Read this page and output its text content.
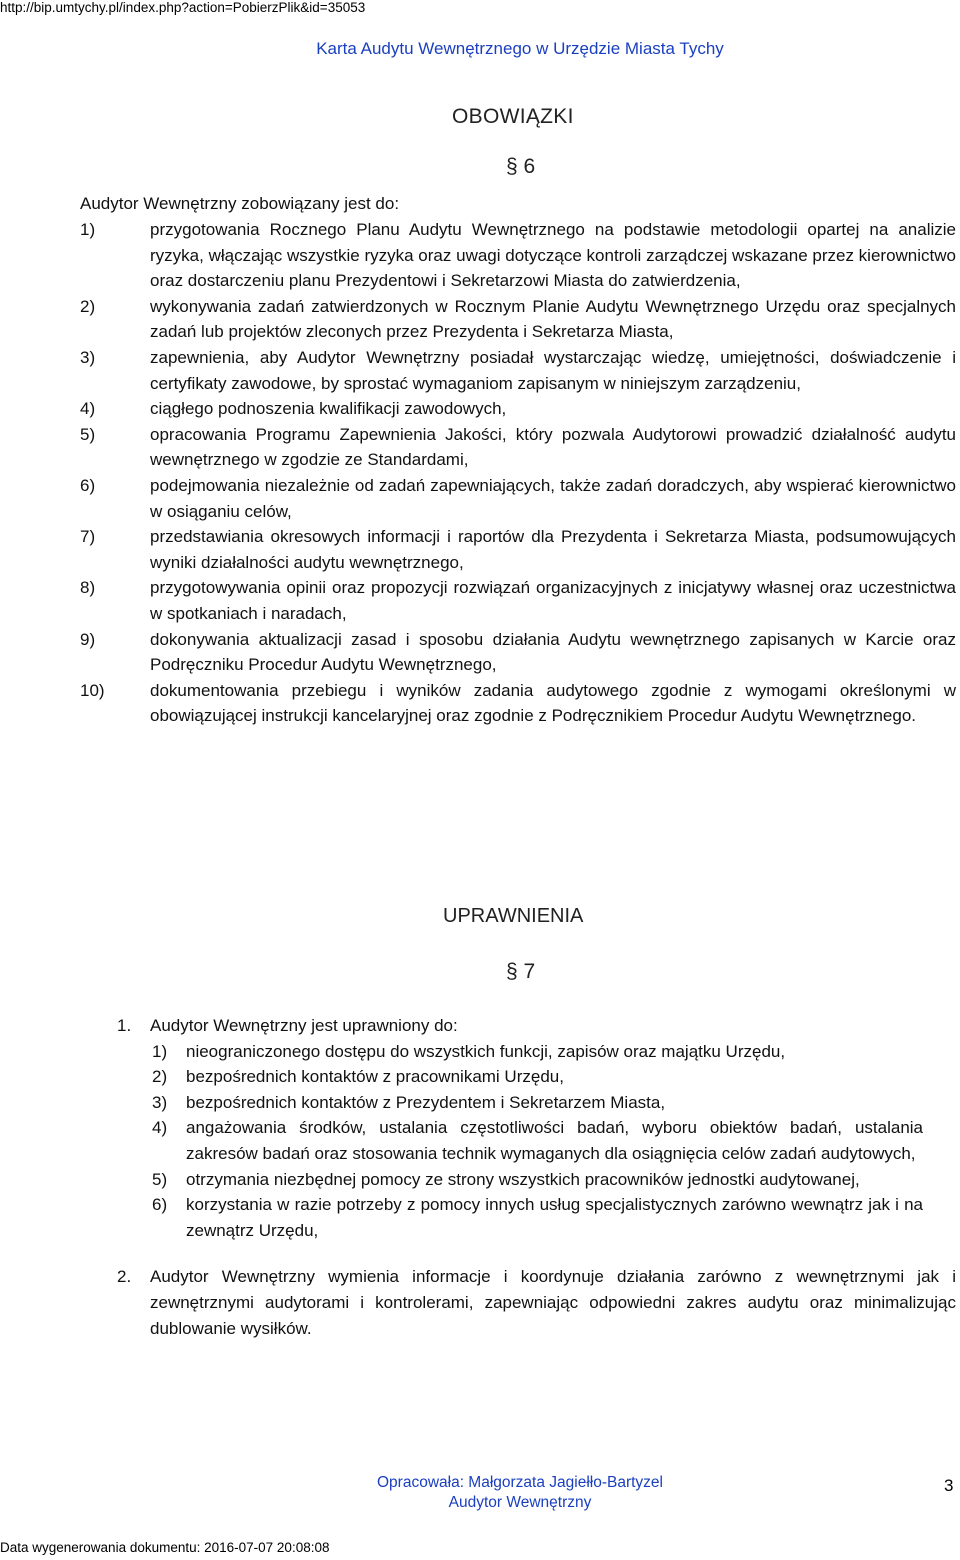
http://bip.umtychy.pl/index.php?action=PobierzPlik&id=35053
Karta Audytu Wewnętrznego w Urzędzie Miasta Tychy
OBOWIĄZKI
§ 6
Audytor Wewnętrzny zobowiązany jest do:
1)	przygotowania Rocznego Planu Audytu Wewnętrznego na podstawie metodologii opartej na analizie ryzyka, włączając wszystkie ryzyka oraz uwagi dotyczące kontroli zarządczej wskazane przez kierownictwo oraz dostarczeniu planu Prezydentowi i Sekretarzowi Miasta do zatwierdzenia,
2)	wykonywania zadań zatwierdzonych w Rocznym Planie Audytu Wewnętrznego Urzędu oraz specjalnych zadań lub projektów zleconych przez Prezydenta i Sekretarza Miasta,
3)	zapewnienia, aby Audytor Wewnętrzny posiadał wystarczając wiedzę, umiejętności, doświadczenie i certyfikaty zawodowe, by sprostać wymaganiom zapisanym w niniejszym zarządzeniu,
4)	ciągłego podnoszenia kwalifikacji zawodowych,
5)	opracowania Programu Zapewnienia Jakości, który pozwala Audytorowi prowadzić działalność audytu wewnętrznego w zgodzie ze Standardami,
6)	podejmowania niezależnie od zadań zapewniających, także zadań doradczych, aby wspierać kierownictwo w osiąganiu celów,
7)	przedstawiania okresowych informacji i raportów dla Prezydenta i Sekretarza Miasta, podsumowujących wyniki działalności audytu wewnętrznego,
8)	przygotowywania opinii oraz propozycji rozwiązań organizacyjnych z inicjatywy własnej oraz uczestnictwa w spotkaniach i naradach,
9)	dokonywania aktualizacji zasad i sposobu działania Audytu wewnętrznego zapisanych w Karcie oraz Podręczniku Procedur Audytu Wewnętrznego,
10)	dokumentowania przebiegu i wyników zadania audytowego zgodnie z wymogami określonymi w obowiązującej instrukcji kancelaryjnej oraz zgodnie z Podręcznikiem Procedur Audytu Wewnętrznego.
UPRAWNIENIA
§ 7
1.	Audytor Wewnętrzny jest uprawniony do:
1)	nieograniczonego dostępu do wszystkich funkcji, zapisów oraz majątku Urzędu,
2)	bezpośrednich kontaktów z pracownikami Urzędu,
3)	bezpośrednich kontaktów z Prezydentem i Sekretarzem Miasta,
4)	angażowania środków, ustalania częstotliwości badań, wyboru obiektów badań, ustalania zakresów badań oraz stosowania technik wymaganych dla osiągnięcia celów zadań audytowych,
5)	otrzymania niezbędnej pomocy ze strony wszystkich pracowników jednostki audytowanej,
6)	korzystania w razie potrzeby z pomocy innych usług specjalistycznych zarówno wewnątrz jak i na zewnątrz Urzędu,
2.	Audytor Wewnętrzny wymienia informacje i koordynuje działania zarówno z wewnętrznymi jak i zewnętrznymi audytorami i kontrolerami, zapewniając odpowiedni zakres audytu oraz minimalizując dublowanie wysiłków.
Opracowała: Małgorzata Jagiełło-Bartyzel
Audytor Wewnętrzny
3
Data wygenerowania dokumentu: 2016-07-07 20:08:08
